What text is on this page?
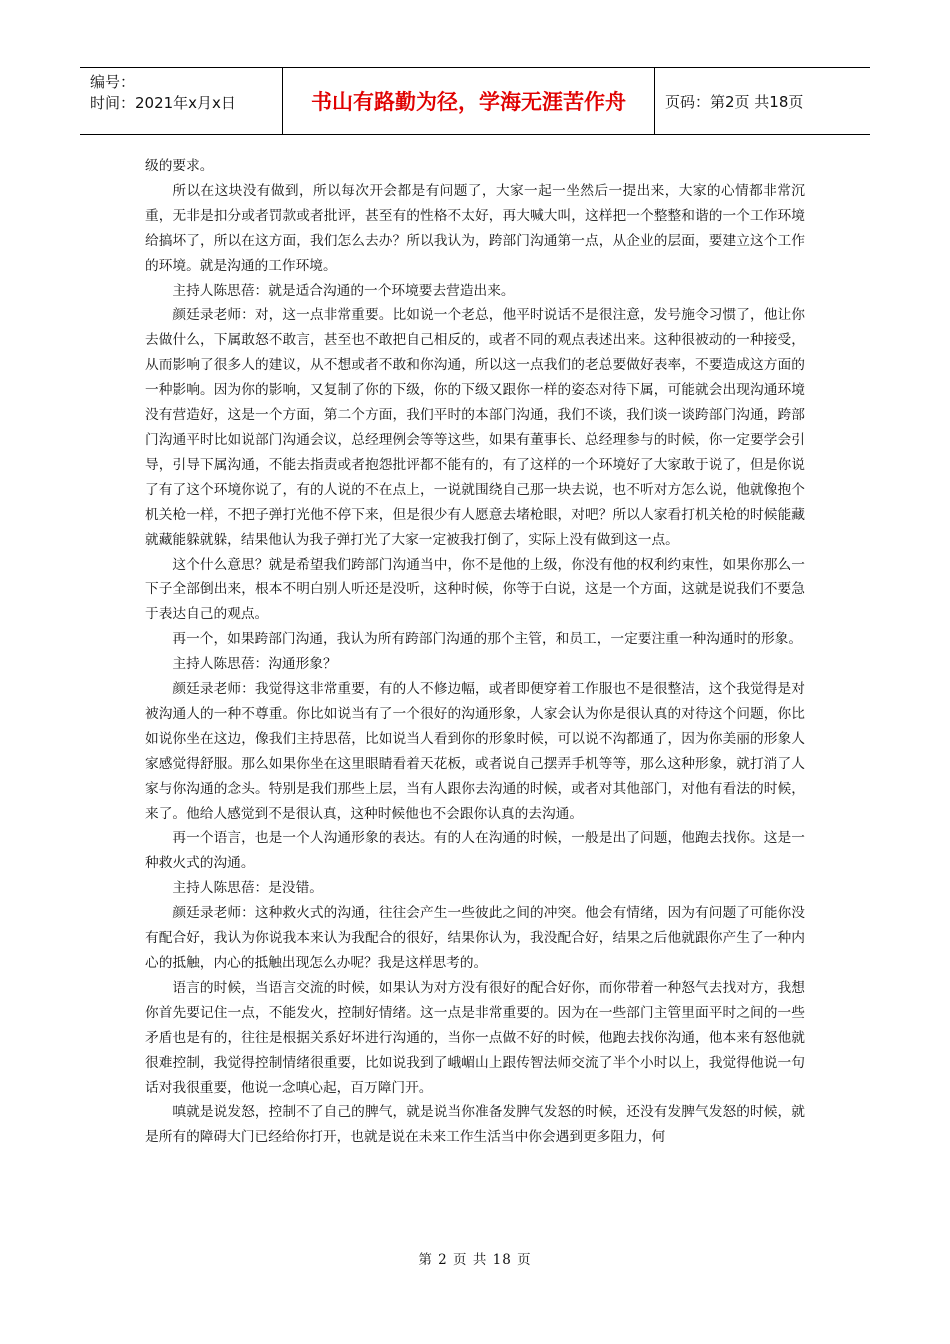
编号：
时间：2021年x月x日	书山有路勤为径，学海无涯苦作舟	页码：第2页 共18页

级的要求。

所以在这块没有做到，所以每次开会都是有问题了，大家一起一坐然后一提出来，大家的心情都非常沉重，无非是扣分或者罚款或者批评，甚至有的性格不太好，再大喊大叫，这样把一个整整和谐的一个工作环境给搞坏了，所以在这方面，我们怎么去办？所以我认为，跨部门沟通第一点，从企业的层面，要建立这个工作的环境。就是沟通的工作环境。

主持人陈思蓓：就是适合沟通的一个环境要去营造出来。

颜廷录老师：对，这一点非常重要。比如说一个老总，他平时说话不是很注意，发号施令习惯了，他让你去做什么，下属敢怒不敢言，甚至也不敢把自己相反的，或者不同的观点表述出来。这种很被动的一种接受，从而影响了很多人的建议，从不想或者不敢和你沟通，所以这一点我们的老总要做好表率，不要造成这方面的一种影响。因为你的影响，又复制了你的下级，你的下级又跟你一样的姿态对待下属，可能就会出现沟通环境没有营造好，这是一个方面，第二个方面，我们平时的本部门沟通，我们不谈，我们谈一谈跨部门沟通，跨部门沟通平时比如说部门沟通会议，总经理例会等等这些，如果有董事长、总经理参与的时候，你一定要学会引导，引导下属沟通，不能去指责或者抱怨批评都不能有的，有了这样的一个环境好了大家敢于说了，但是你说了有了这个环境你说了，有的人说的不在点上，一说就围绕自己那一块去说，也不听对方怎么说，他就像抱个机关枪一样，不把子弹打光他不停下来，但是很少有人愿意去堵枪眼，对吧？所以人家看打机关枪的时候能藏就藏能躲就躲，结果他认为我子弹打光了大家一定被我打倒了，实际上没有做到这一点。

这个什么意思？就是希望我们跨部门沟通当中，你不是他的上级，你没有他的权利约束性，如果你那么一下子全部倒出来，根本不明白别人听还是没听，这种时候，你等于白说，这是一个方面，这就是说我们不要急于表达自己的观点。

再一个，如果跨部门沟通，我认为所有跨部门沟通的那个主管，和员工，一定要注重一种沟通时的形象。

主持人陈思蓓：沟通形象？

颜廷录老师：我觉得这非常重要，有的人不修边幅，或者即便穿着工作服也不是很整洁，这个我觉得是对被沟通人的一种不尊重。你比如说当有了一个很好的沟通形象，人家会认为你是很认真的对待这个问题，你比如说你坐在这边，像我们主持思蓓，比如说当人看到你的形象时候，可以说不沟都通了，因为你美丽的形象人家感觉得舒服。那么如果你坐在这里眼睛看着天花板，或者说自己摆弄手机等等，那么这种形象，就打消了人家与你沟通的念头。特别是我们那些上层，当有人跟你去沟通的时候，或者对其他部门，对他有看法的时候，来了。他给人感觉到不是很认真，这种时候他也不会跟你认真的去沟通。

再一个语言，也是一个人沟通形象的表达。有的人在沟通的时候，一般是出了问题，他跑去找你。这是一种救火式的沟通。

主持人陈思蓓：是没错。

颜廷录老师：这种救火式的沟通，往往会产生一些彼此之间的冲突。他会有情绪，因为有问题了可能你没有配合好，我认为你说我本来认为我配合的很好，结果你认为，我没配合好，结果之后他就跟你产生了一种内心的抵触，内心的抵触出现怎么办呢？我是这样思考的。

语言的时候，当语言交流的时候，如果认为对方没有很好的配合好你，而你带着一种怒气去找对方，我想你首先要记住一点，不能发火，控制好情绪。这一点是非常重要的。因为在一些部门主管里面平时之间的一些矛盾也是有的，往往是根据关系好坏进行沟通的，当你一点做不好的时候，他跑去找你沟通，他本来有怒他就很难控制，我觉得控制情绪很重要，比如说我到了峨嵋山上跟传智法师交流了半个小时以上，我觉得他说一句话对我很重要，他说一念嗔心起，百万障门开。

嗔就是说发怒，控制不了自己的脾气，就是说当你准备发脾气发怒的时候，还没有发脾气发怒的时候，就是所有的障碍大门已经给你打开，也就是说在未来工作生活当中你会遇到更多阻力，何

第 2 页 共 18 页
